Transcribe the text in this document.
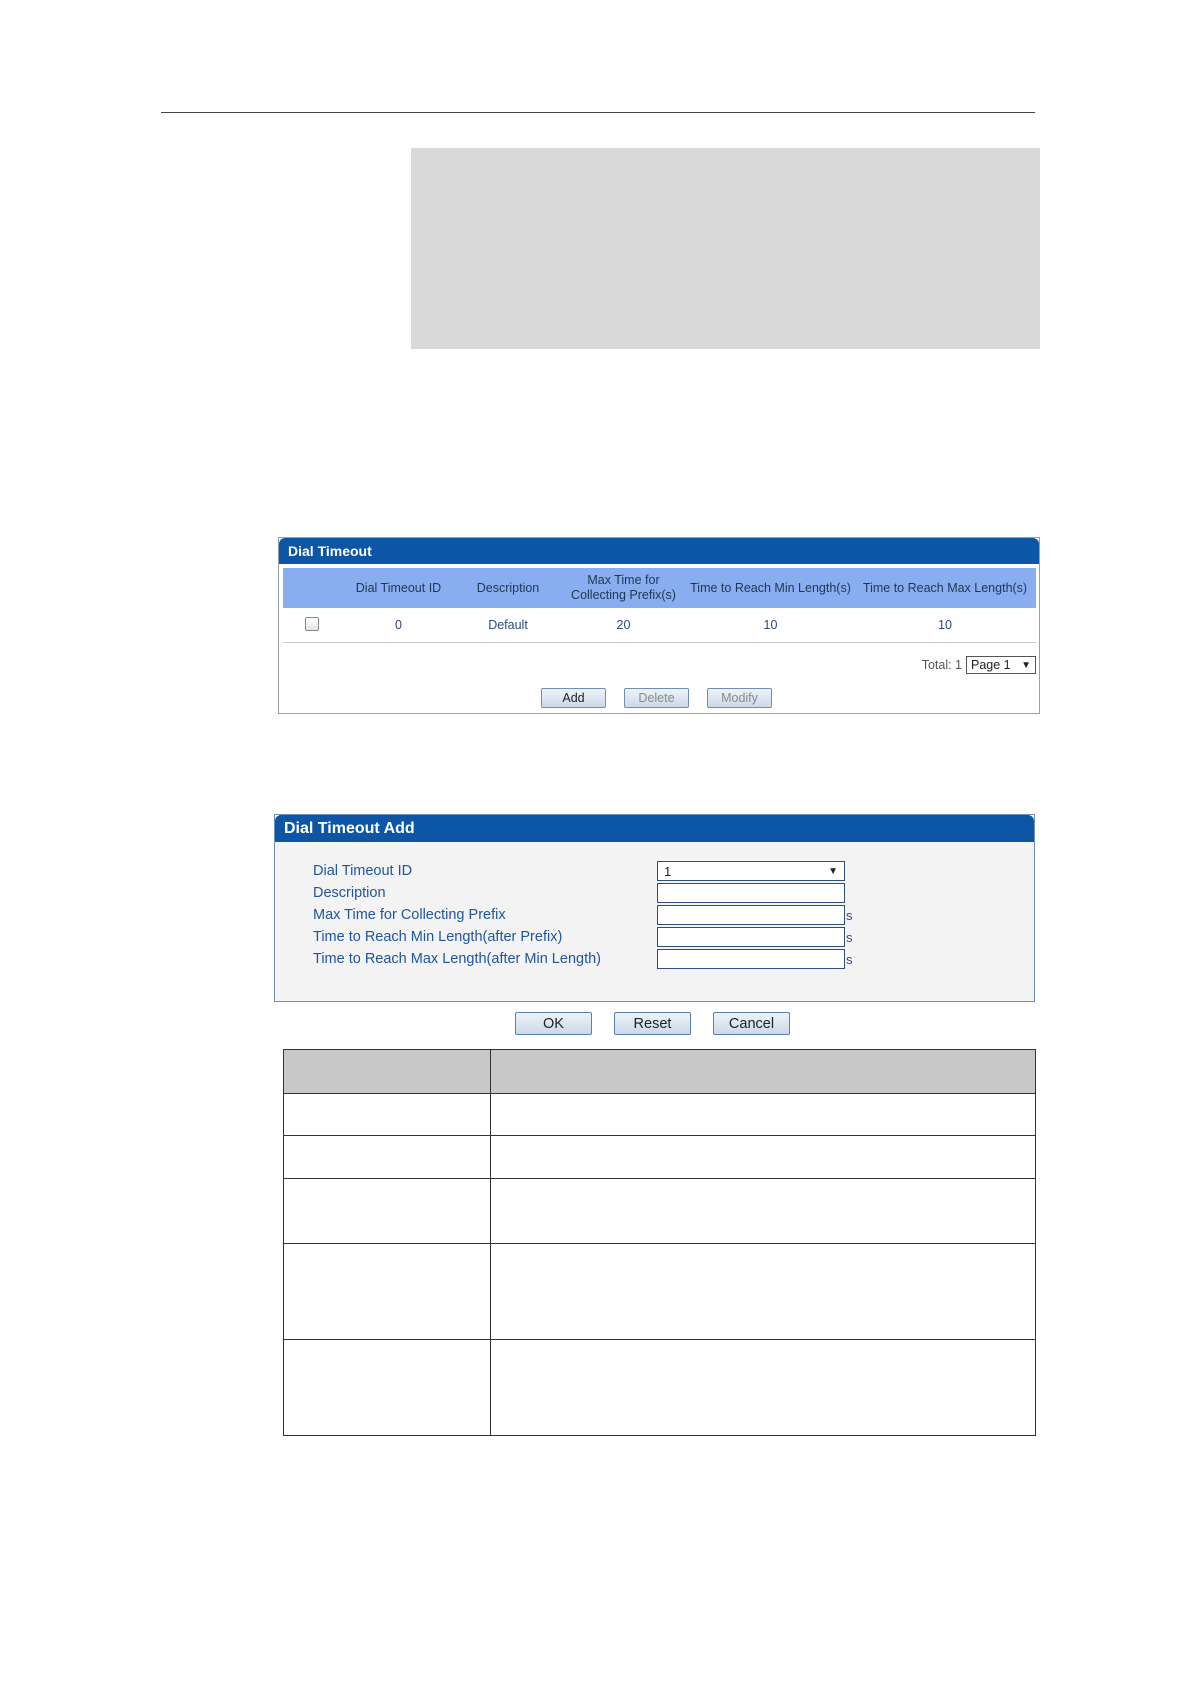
Dial Timeout
	Dial Timeout ID	Description	Max Time for Collecting Prefix(s)	Time to Reach Min Length(s)	Time to Reach Max Length(s)
	0	Default	20	10	10
Total: 1 Page 1 ▼
Add	Delete	Modify
Dial Timeout Add
Dial Timeout ID	1	▼
Description
Max Time for Collecting Prefix	s
Time to Reach Min Length(after Prefix)	s
Time to Reach Max Length(after Min Length)	s
OK	Reset	Cancel
